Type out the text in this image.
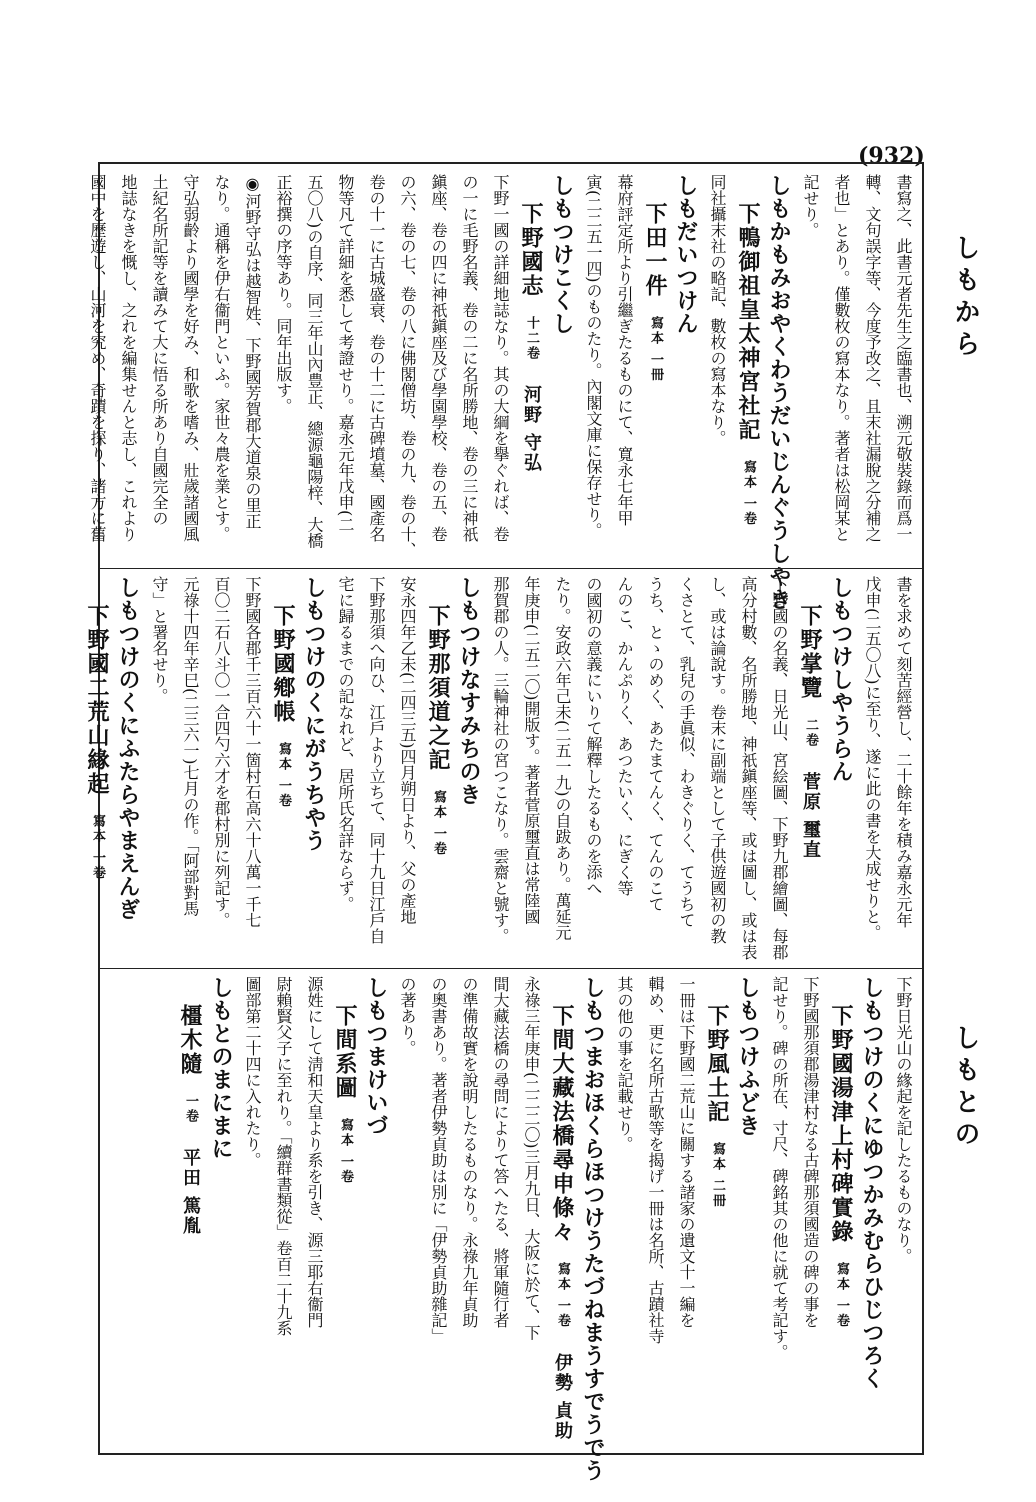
(932)
しもから
しもとの
書寫之、此書元者先生之臨書也、溯元敬裝錄而爲一
轉、文句誤字等、今度予改之、且末社漏脫之分補之
者也」とあり。僅數枚の寫本なり。著者は松岡某と
記せり。
しもかもみおやくわうだいじんぐうしやき
下鴨御祖皇太神宮社記寫本 一卷
同社攝末社の略記、數枚の寫本なり。
しもだいつけん
下田一件寫本 一冊
幕府評定所より引繼ぎたるものにて、寬永七年甲
寅(二二五一四)のものたり。內閣文庫に保存せり。
しもつけこくし
下野國志十二卷河野 守弘
下野一國の詳細地誌なり。其の大綱を擧ぐれば、卷
の一に毛野名義、卷の二に名所勝地、卷の三に神祇
鎭座、卷の四に神祇鎭座及び學園學校、卷の五、卷
の六、卷の七、卷の八に佛閣僧坊、卷の九、卷の十、
卷の十一に古城盛衰、卷の十二に古碑墳墓、國產名
物等凡て詳細を悉して考證せり。嘉永元年戊申(二
五〇八)の自序、同三年山內豊正、總源龜陽梓、大橋
正裕撰の序等あり。同年出版す。
◉河野守弘は越智姓、下野國芳賀郡大道泉の里正
なり。通稱を伊右衞門といふ。家世々農を業とす。
守弘弱齡より國學を好み、和歌を嗜み、壯歲諸國風
土紀名所記等を讀みて大に悟る所あり自國完全の
地誌なきを慨し、之れを編集せんと志し、これより
國中を歷遊し、山河を究め、奇蹟を探り、諸方に舊
書を求めて刻苦經營し、二十餘年を積み嘉永元年
戊申(二五〇八)に至り、遂に此の書を大成せりと。
しもつけしやうらん
下野掌覽二卷菅原 璽直
下野國の名義、日光山、宮絵圖、下野九郡繪圖、每郡
高分村數、名所勝地、神祇鎭座等、或は圖し、或は表
し、或は論說す。卷末に副端として子供遊國初の教
くさとて、乳兒の手眞似、わきぐりく、てうちて
うち、とゝのめく、あたまてんく、てんのこて
んのこ、かんぷりく、あつたいく、にぎく等
の國初の意義にいりて解釋したるものを添へ
たり。安政六年己未(二五一九)の自跋あり。萬延元
年庚申(二五二〇)開版す。著者菅原璽直は常陸國
那賀郡の人。三輪神社の宮つこなり。雲齋と號す。
しもつけなすみちのき
下野那須道之記寫本 一卷
安永四年乙未(二四三五)四月朔日より、父の產地
下野那須へ向ひ、江戶より立ちて、同十九日江戶自
宅に歸るまでの記なれど、居所氏名詳ならず。
しもつけのくにがうちやう
下野國鄕帳寫本 一卷
下野國各郡千三百六十一箇村石高六十八萬一千七
百〇二石八斗〇一合四勺六才を郡村別に列記す。
元祿十四年辛巳(二三六一)七月の作。「阿部對馬
守」と署名せり。
しもつけのくにふたらやまえんぎ
下野國二荒山緣起寫本 一卷
下野日光山の緣起を記したるものなり。
しもつけのくにゆつかみむらひじつろく
下野國湯津上村碑實錄寫本 一卷
下野國那須郡湯津村なる古碑那須國造の碑の事を
記せり。碑の所在、寸尺、碑銘其の他に就て考記す。
しもつけふどき
下野風土記寫本 二冊
一冊は下野國二荒山に關する諸家の遺文十一編を
輯め、更に名所古歌等を揭げ一冊は名所、古蹟社寺
其の他の事を記載せり。
しもつまおほくらほつけうたづねまうすでうでう
下間大藏法橋尋申條々寫本 一卷伊勢 貞助
永祿三年庚申(二二二〇)三月九日、大阪に於て、下
間大藏法橋の尋問によりて答へたる、將軍隨行者
の準備故實を說明したるものなり。永祿九年貞助
の奧書あり。著者伊勢貞助は別に「伊勢貞助雜記」
の著あり。
しもつまけいづ
下間系圖寫本 一卷
源姓にして淸和天皇より系を引き、源三耶右衞門
尉賴賢父子に至れり。「續群書類從」卷百二十九系
圖部第二十四に入れたり。
しもとのまにまに
橿木隨一卷平田 篤胤
